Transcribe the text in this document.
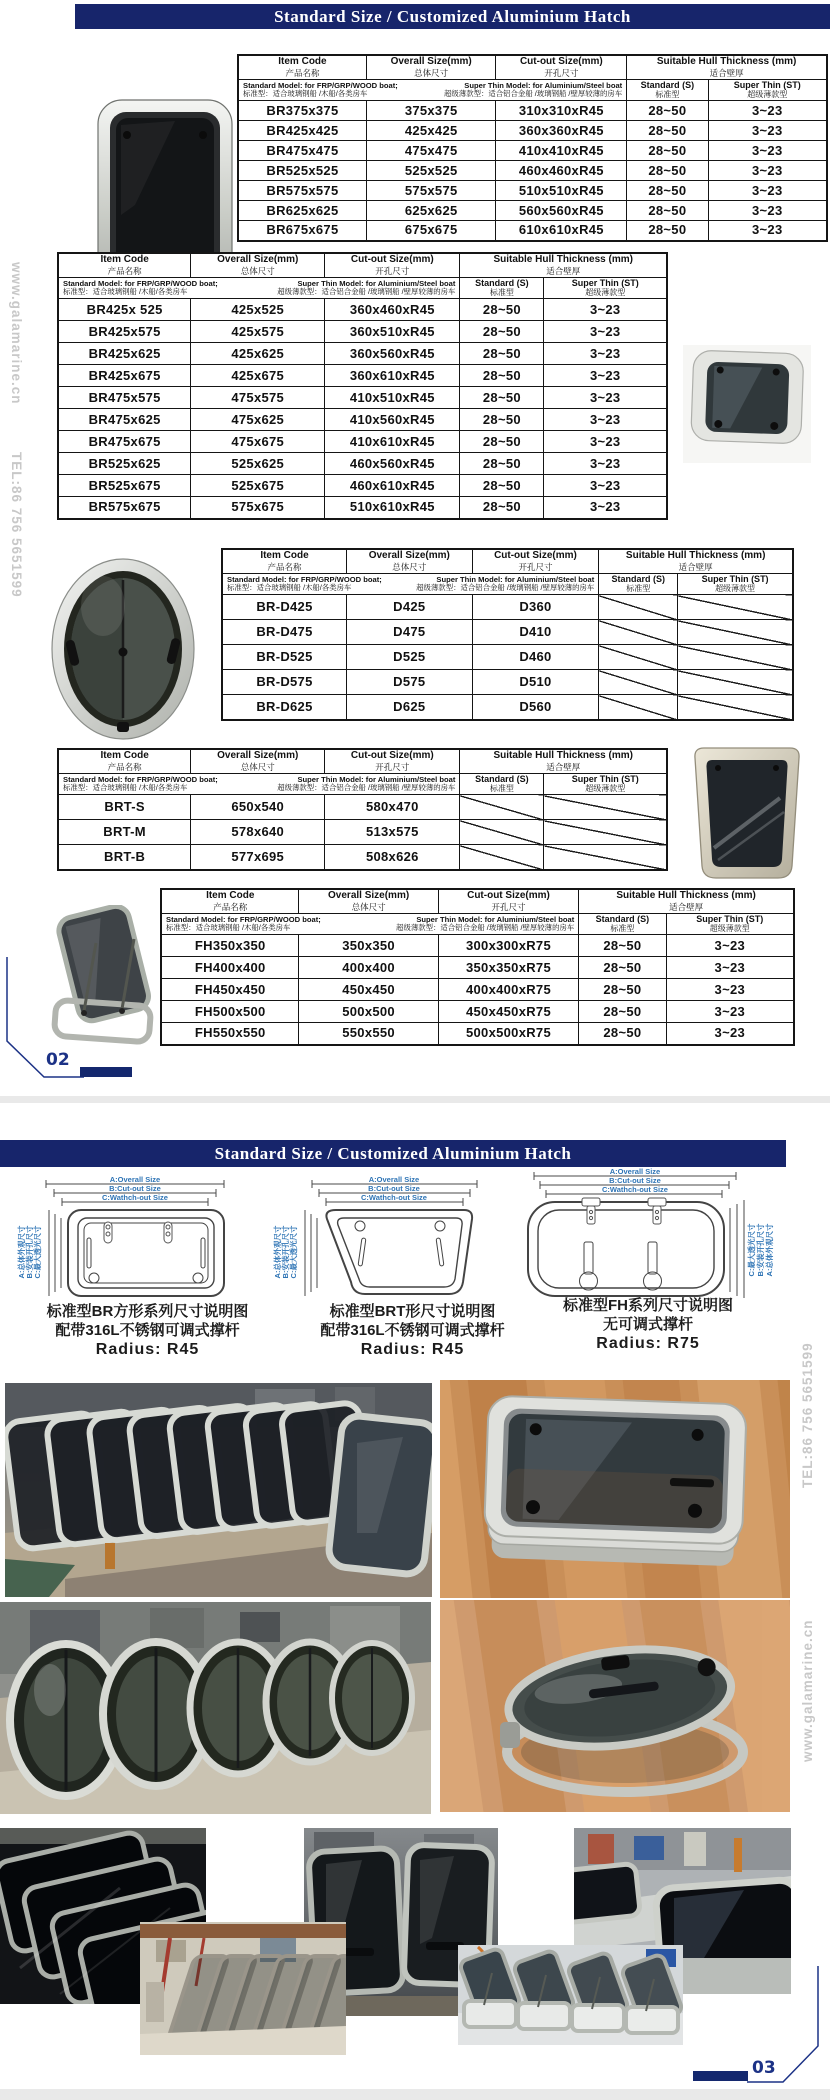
Standard Size / Customized Aluminium Hatch
www.galamarine.cn
TEL:86 756 5651599
Item Code
产品名称

Overall Size(mm)
总体尺寸

Cut-out Size(mm)
开孔尺寸

Suitable Hull Thickness (mm)
适合壁厚

Standard Model: for FRP/GRP/WOOD boat;	Super Thin Model: for Aluminium/Steel boat
标准型：适合玻璃钢船 /木船/各类房车	超级薄款型：适合铝合金船 /玻璃钢船 /壁厚较薄的房车

Standard (S)
标准型

Super Thin (ST)
超级薄款型

BR375x375	375x375	310x310xR45	28~50	3~23
BR425x425	425x425	360x360xR45	28~50	3~23
BR475x475	475x475	410x410xR45	28~50	3~23
BR525x525	525x525	460x460xR45	28~50	3~23
BR575x575	575x575	510x510xR45	28~50	3~23
BR625x625	625x625	560x560xR45	28~50	3~23
BR675x675	675x675	610x610xR45	28~50	3~23
Item Code
产品名称

Overall Size(mm)
总体尺寸

Cut-out Size(mm)
开孔尺寸

Suitable Hull Thickness (mm)
适合壁厚

Standard Model: for FRP/GRP/WOOD boat;	Super Thin Model: for Aluminium/Steel boat
标准型：适合玻璃钢船 /木船/各类房车	超级薄款型：适合铝合金船 /玻璃钢船 /壁厚较薄的房车

Standard (S)
标准型

Super Thin (ST)
超级薄款型

BR425x 525	425x525	360x460xR45	28~50	3~23
BR425x575	425x575	360x510xR45	28~50	3~23
BR425x625	425x625	360x560xR45	28~50	3~23
BR425x675	425x675	360x610xR45	28~50	3~23
BR475x575	475x575	410x510xR45	28~50	3~23
BR475x625	475x625	410x560xR45	28~50	3~23
BR475x675	475x675	410x610xR45	28~50	3~23
BR525x625	525x625	460x560xR45	28~50	3~23
BR525x675	525x675	460x610xR45	28~50	3~23
BR575x675	575x675	510x610xR45	28~50	3~23
Item Code
产品名称

Overall Size(mm)
总体尺寸

Cut-out Size(mm)
开孔尺寸

Suitable Hull Thickness (mm)
适合壁厚

Standard Model: for FRP/GRP/WOOD boat;	Super Thin Model: for Aluminium/Steel boat
标准型：适合玻璃钢船 /木船/各类房车	超级薄款型：适合铝合金船 /玻璃钢船 /壁厚较薄的房车

Standard (S)
标准型

Super Thin (ST)
超级薄款型

BR-D425	D425	D360		
BR-D475	D475	D410		
BR-D525	D525	D460		
BR-D575	D575	D510		
BR-D625	D625	D560		
Item Code
产品名称

Overall Size(mm)
总体尺寸

Cut-out Size(mm)
开孔尺寸

Suitable Hull Thickness (mm)
适合壁厚

Standard Model: for FRP/GRP/WOOD boat;	Super Thin Model: for Aluminium/Steel boat
标准型：适合玻璃钢船 /木船/各类房车	超级薄款型：适合铝合金船 /玻璃钢船 /壁厚较薄的房车

Standard (S)
标准型

Super Thin (ST)
超级薄款型

BRT-S	650x540	580x470		
BRT-M	578x640	513x575		
BRT-B	577x695	508x626		
Item Code
产品名称

Overall Size(mm)
总体尺寸

Cut-out Size(mm)
开孔尺寸

Suitable Hull Thickness (mm)
适合壁厚

Standard Model: for FRP/GRP/WOOD boat;	Super Thin Model: for Aluminium/Steel boat
标准型：适合玻璃钢船 /木船/各类房车	超级薄款型：适合铝合金船 /玻璃钢船 /壁厚较薄的房车

Standard (S)
标准型

Super Thin (ST)
超级薄款型

FH350x350	350x350	300x300xR75	28~50	3~23
FH400x400	400x400	350x350xR75	28~50	3~23
FH450x450	450x450	400x400xR75	28~50	3~23
FH500x500	500x500	450x450xR75	28~50	3~23
FH550x550	550x550	500x500xR75	28~50	3~23
02
Standard Size / Customized Aluminium Hatch
TEL:86 756 5651599
www.galamarine.cn
A:Overall Size
B:Cut-out Size
C:Wathch-out Size
A:总体外观尺寸 B:安装开孔尺寸 C:最大透光尺寸
A:Overall Size
B:Cut-out Size
C:Wathch-out Size
A:总体外观尺寸 B:安装开孔尺寸 C:最大透光尺寸
A:Overall Size
B:Cut-out Size
C:Wathch-out Size
C:最大透光尺寸 B:安装开孔尺寸 A:总体外观尺寸
标准型BR方形系列尺寸说明图
配带316L不锈钢可调式撑杆
Radius: R45
标准型BRT形尺寸说明图
配带316L不锈钢可调式撑杆
Radius: R45
标准型FH系列尺寸说明图
无可调式撑杆
Radius: R75
03
